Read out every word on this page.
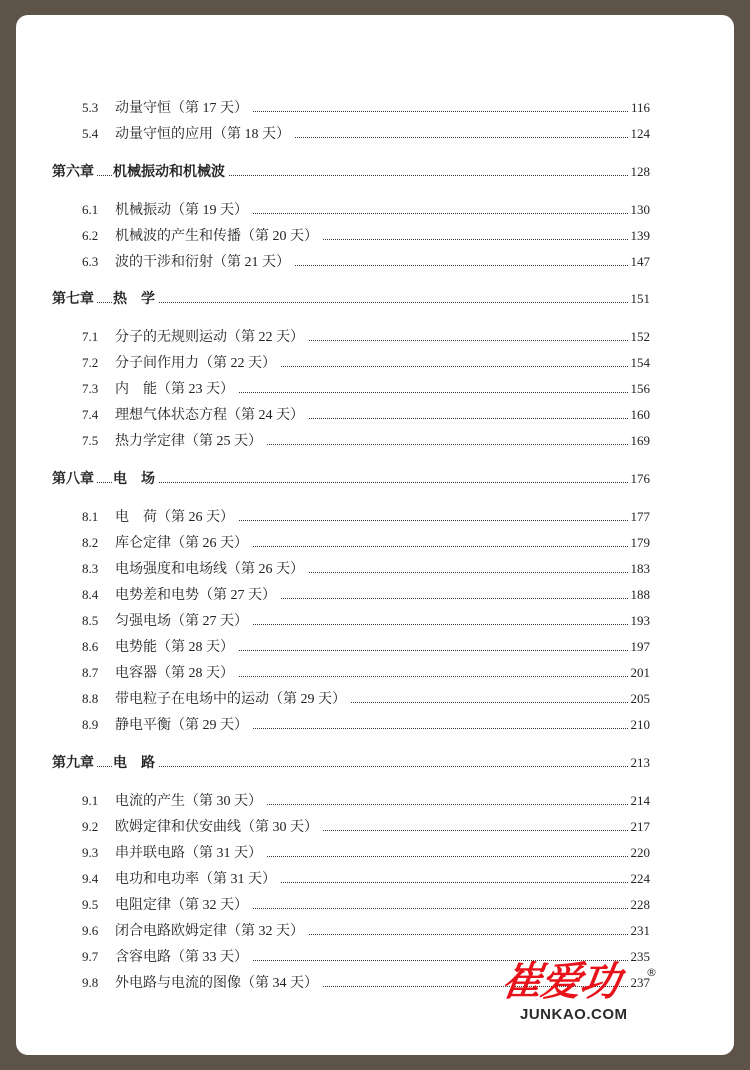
5.3 动量守恒（第 17 天）	116
5.4 动量守恒的应用（第 18 天）	124
第六章 机械振动和机械波	128
6.1 机械振动（第 19 天）	130
6.2 机械波的产生和传播（第 20 天）	139
6.3 波的干涉和衍射（第 21 天）	147
第七章 热　学	151
7.1 分子的无规则运动（第 22 天）	152
7.2 分子间作用力（第 22 天）	154
7.3 内　能（第 23 天）	156
7.4 理想气体状态方程（第 24 天）	160
7.5 热力学定律（第 25 天）	169
第八章 电　场	176
8.1 电　荷（第 26 天）	177
8.2 库仑定律（第 26 天）	179
8.3 电场强度和电场线（第 26 天）	183
8.4 电势差和电势（第 27 天）	188
8.5 匀强电场（第 27 天）	193
8.6 电势能（第 28 天）	197
8.7 电容器（第 28 天）	201
8.8 带电粒子在电场中的运动（第 29 天）	205
8.9 静电平衡（第 29 天）	210
第九章 电　路	213
9.1 电流的产生（第 30 天）	214
9.2 欧姆定律和伏安曲线（第 30 天）	217
9.3 串并联电路（第 31 天）	220
9.4 电功和电功率（第 31 天）	224
9.5 电阻定律（第 32 天）	228
9.6 闭合电路欧姆定律（第 32 天）	231
9.7 含容电路（第 33 天）	235
9.8 外电路与电流的图像（第 34 天）	237
崔爱功 ®
JUNKAO.COM
